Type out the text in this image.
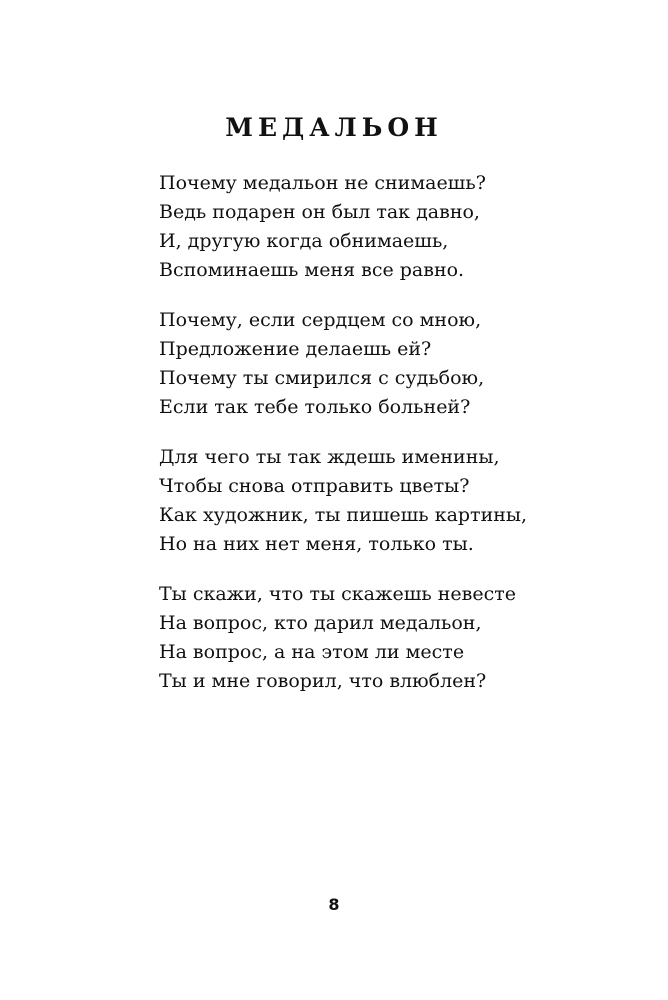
МЕДАЛЬОН
Почему медальон не снимаешь?
Ведь подарен он был так давно,
И, другую когда обнимаешь,
Вспоминаешь меня все равно.
Почему, если сердцем со мною,
Предложение делаешь ей?
Почему ты смирился с судьбою,
Если так тебе только больней?
Для чего ты так ждешь именины,
Чтобы снова отправить цветы?
Как художник, ты пишешь картины,
Но на них нет меня, только ты.
Ты скажи, что ты скажешь невесте
На вопрос, кто дарил медальон,
На вопрос, а на этом ли месте
Ты и мне говорил, что влюблен?
8
